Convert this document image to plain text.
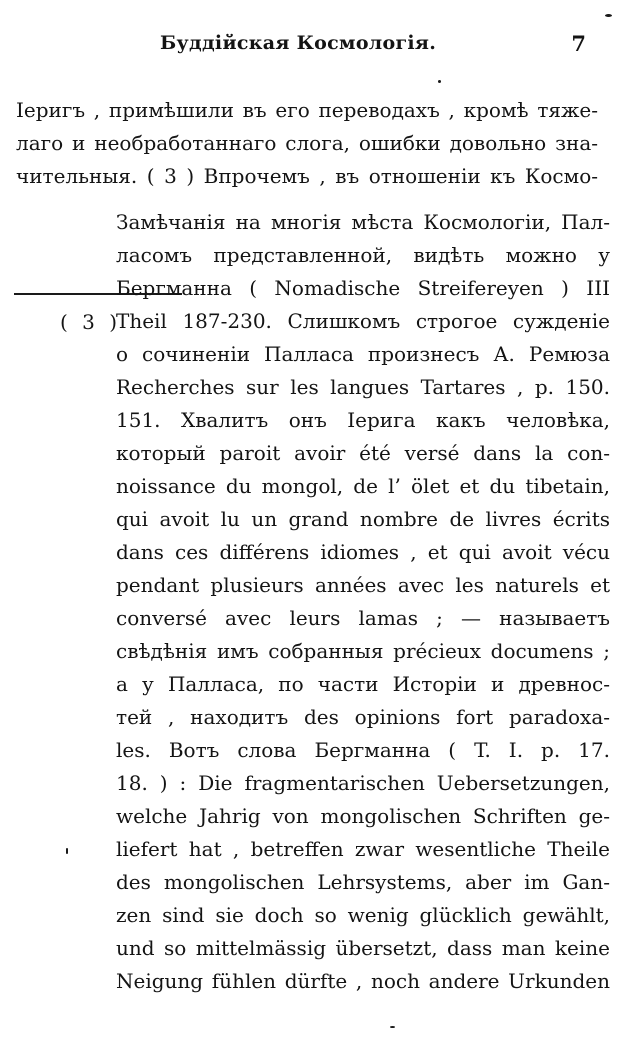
Буддійская Космологія.	7
Іеригъ , примѣшили въ его переводахъ , кромѣ тяже-
лаго и необработаннаго слога, ошибки довольно зна-
чительныя. ( 3 ) Впрочемъ , въ отношеніи къ Космо-
( 3 )
Замѣчанія на многія мѣста Космологіи, Пал-
ласомъ представленной, видѣть можно у
Бергманна ( Nomadische Streifereyen ) III
Theil 187-230. Слишкомъ строгое сужденіе
о сочиненіи Палласа произнесъ А. Ремюза
Recherches sur les langues Tartares , p. 150.
151. Хвалитъ онъ Іерига какъ человѣка,
который paroit avoir été versé dans la con-
noissance du mongol, de l’ ölet et du tibetain,
qui avoit lu un grand nombre de livres écrits
dans ces différens idiomes , et qui avoit vécu
pendant plusieurs années avec les naturels et
conversé avec leurs lamas ; — называетъ
свѣдѣнія имъ собранныя précieux documens ;
а у Палласа, по части Исторіи и древнос-
тей , находитъ des opinions fort paradoxa-
les. Вотъ слова Бергманна ( T. I. p. 17.
18. ) : Die fragmentarischen Uebersetzungen,
welche Jahrig von mongolischen Schriften ge-
liefert hat , betreffen zwar wesentliche Theile
des mongolischen Lehrsystems, aber im Gan-
zen sind sie doch so wenig glücklich gewählt,
und so mittelmässig übersetzt, dass man keine
Neigung fühlen dürfte , noch andere Urkunden
